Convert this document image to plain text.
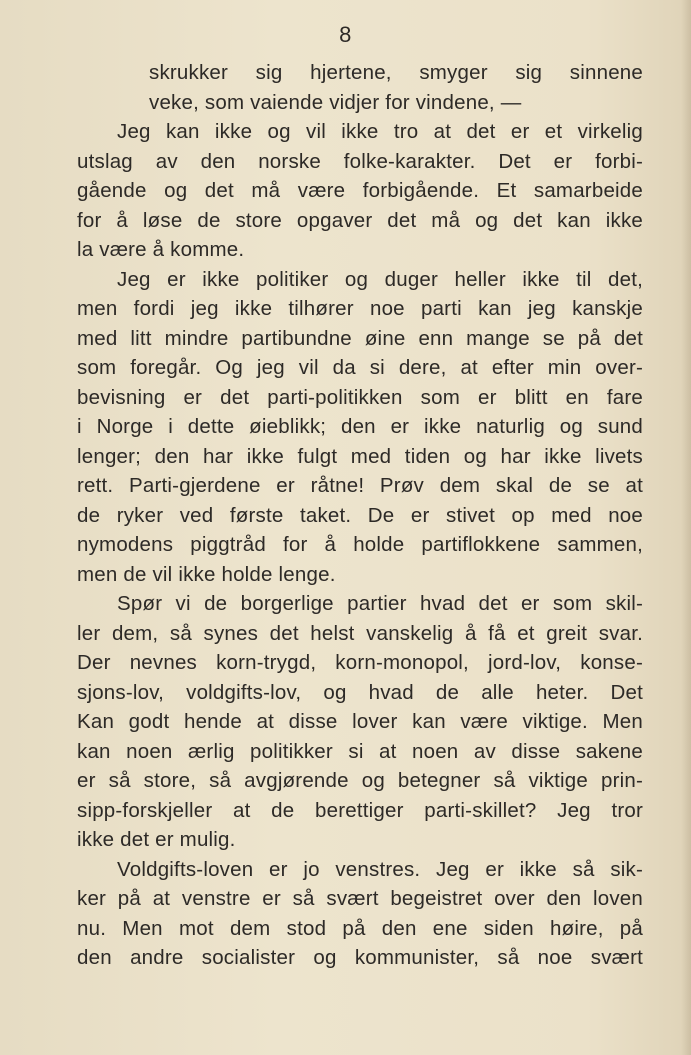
8
skrukker sig hjertene, smyger sig sinnene
veke, som vaiende vidjer for vindene, —
Jeg kan ikke og vil ikke tro at det er et virkelig
utslag av den norske folke-karakter. Det er forbi-
gående og det må være forbigående. Et samarbeide
for å løse de store opgaver det må og det kan ikke
la være å komme.
Jeg er ikke politiker og duger heller ikke til det,
men fordi jeg ikke tilhører noe parti kan jeg kanskje
med litt mindre partibundne øine enn mange se på det
som foregår. Og jeg vil da si dere, at efter min over-
bevisning er det parti-politikken som er blitt en fare
i Norge i dette øieblikk; den er ikke naturlig og sund
lenger; den har ikke fulgt med tiden og har ikke livets
rett. Parti-gjerdene er råtne! Prøv dem skal de se at
de ryker ved første taket. De er stivet op med noe
nymodens piggtråd for å holde partiflokkene sammen,
men de vil ikke holde lenge.
Spør vi de borgerlige partier hvad det er som skil-
ler dem, så synes det helst vanskelig å få et greit svar.
Der nevnes korn-trygd, korn-monopol, jord-lov, konse-
sjons-lov, voldgifts-lov, og hvad de alle heter. Det
Kan godt hende at disse lover kan være viktige. Men
kan noen ærlig politikker si at noen av disse sakene
er så store, så avgjørende og betegner så viktige prin-
sipp-forskjeller at de berettiger parti-skillet? Jeg tror
ikke det er mulig.
Voldgifts-loven er jo venstres. Jeg er ikke så sik-
ker på at venstre er så svært begeistret over den loven
nu. Men mot dem stod på den ene siden høire, på
den andre socialister og kommunister, så noe svært
